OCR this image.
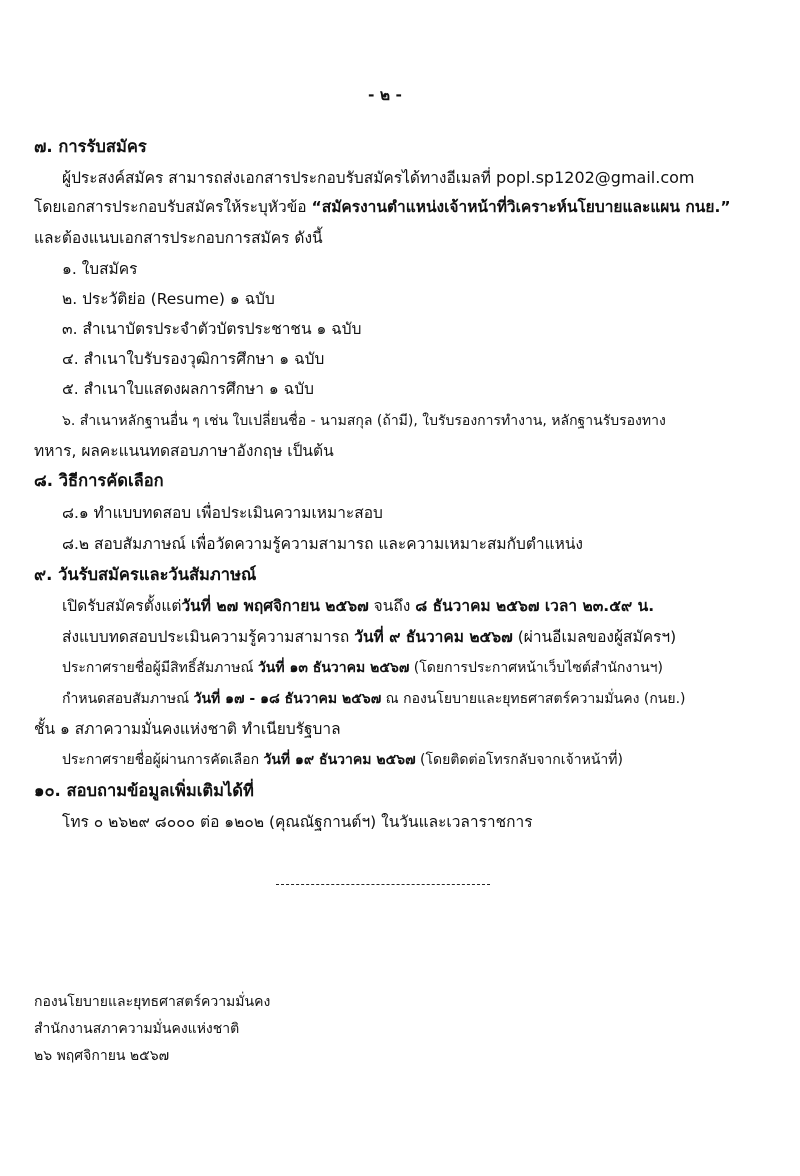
- ๒ -
๗. การรับสมัคร
ผู้ประสงค์สมัคร สามารถส่งเอกสารประกอบรับสมัครได้ทางอีเมลที่ popl.sp1202@gmail.com
โดยเอกสารประกอบรับสมัครให้ระบุหัวข้อ “สมัครงานตำแหน่งเจ้าหน้าที่วิเคราะห์นโยบายและแผน กนย.”
และต้องแนบเอกสารประกอบการสมัคร ดังนี้
๑. ใบสมัคร
๒. ประวัติย่อ (Resume) ๑ ฉบับ
๓. สำเนาบัตรประจำตัวบัตรประชาชน ๑ ฉบับ
๔. สำเนาใบรับรองวุฒิการศึกษา ๑ ฉบับ
๕. สำเนาใบแสดงผลการศึกษา ๑ ฉบับ
๖. สำเนาหลักฐานอื่น ๆ เช่น ใบเปลี่ยนชื่อ - นามสกุล (ถ้ามี), ใบรับรองการทำงาน, หลักฐานรับรองทาง
ทหาร, ผลคะแนนทดสอบภาษาอังกฤษ เป็นต้น
๘. วิธีการคัดเลือก
๘.๑ ทำแบบทดสอบ เพื่อประเมินความเหมาะสอบ
๘.๒ สอบสัมภาษณ์ เพื่อวัดความรู้ความสามารถ และความเหมาะสมกับตำแหน่ง
๙. วันรับสมัครและวันสัมภาษณ์
เปิดรับสมัครตั้งแต่วันที่ ๒๗ พฤศจิกายน ๒๕๖๗ จนถึง ๘ ธันวาคม ๒๕๖๗ เวลา ๒๓.๕๙ น.
ส่งแบบทดสอบประเมินความรู้ความสามารถ วันที่ ๙ ธันวาคม ๒๕๖๗ (ผ่านอีเมลของผู้สมัครฯ)
ประกาศรายชื่อผู้มีสิทธิ์สัมภาษณ์ วันที่ ๑๓ ธันวาคม ๒๕๖๗ (โดยการประกาศหน้าเว็บไซต์สำนักงานฯ)
กำหนดสอบสัมภาษณ์ วันที่ ๑๗ - ๑๘ ธันวาคม ๒๕๖๗ ณ กองนโยบายและยุทธศาสตร์ความมั่นคง (กนย.)
ชั้น ๑ สภาความมั่นคงแห่งชาติ ทำเนียบรัฐบาล
ประกาศรายชื่อผู้ผ่านการคัดเลือก วันที่ ๑๙ ธันวาคม ๒๕๖๗ (โดยติดต่อโทรกลับจากเจ้าหน้าที่)
๑๐. สอบถามข้อมูลเพิ่มเติมได้ที่
โทร ๐ ๒๖๒๙ ๘๐๐๐ ต่อ ๑๒๐๒ (คุณณัฐกานต์ฯ) ในวันและเวลาราชการ
กองนโยบายและยุทธศาสตร์ความมั่นคง
สำนักงานสภาความมั่นคงแห่งชาติ
๒๖ พฤศจิกายน ๒๕๖๗
